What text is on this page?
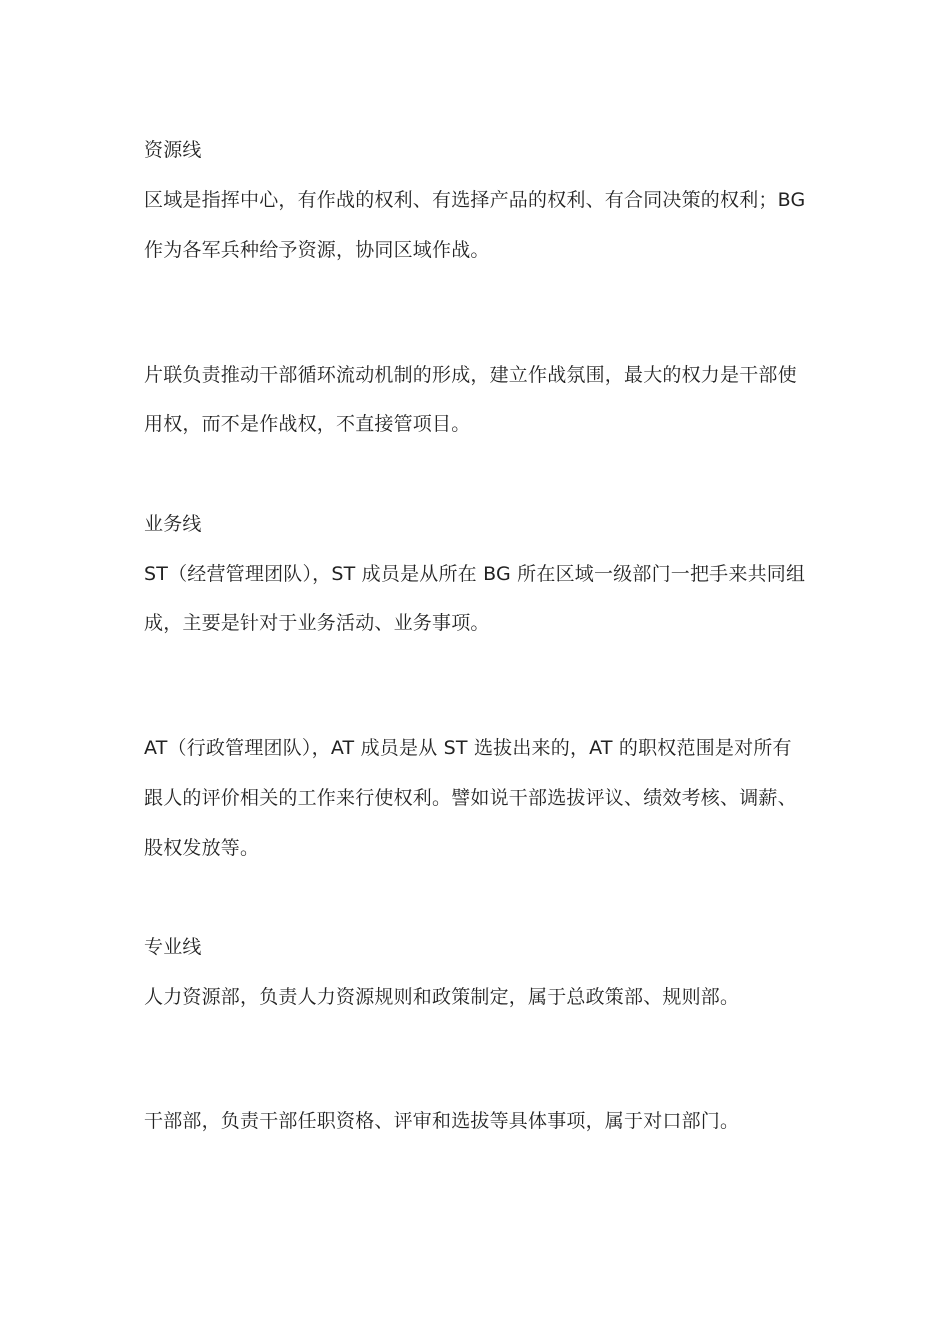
资源线
区域是指挥中心，有作战的权利、有选择产品的权利、有合同决策的权利；BG
作为各军兵种给予资源，协同区域作战。
片联负责推动干部循环流动机制的形成，建立作战氛围，最大的权力是干部使
用权，而不是作战权，不直接管项目。
业务线
ST（经营管理团队），ST 成员是从所在 BG 所在区域一级部门一把手来共同组
成，主要是针对于业务活动、业务事项。
AT（行政管理团队），AT 成员是从 ST 选拔出来的，AT 的职权范围是对所有
跟人的评价相关的工作来行使权利。譬如说干部选拔评议、绩效考核、调薪、
股权发放等。
专业线
人力资源部，负责人力资源规则和政策制定，属于总政策部、规则部。
干部部，负责干部任职资格、评审和选拔等具体事项，属于对口部门。
